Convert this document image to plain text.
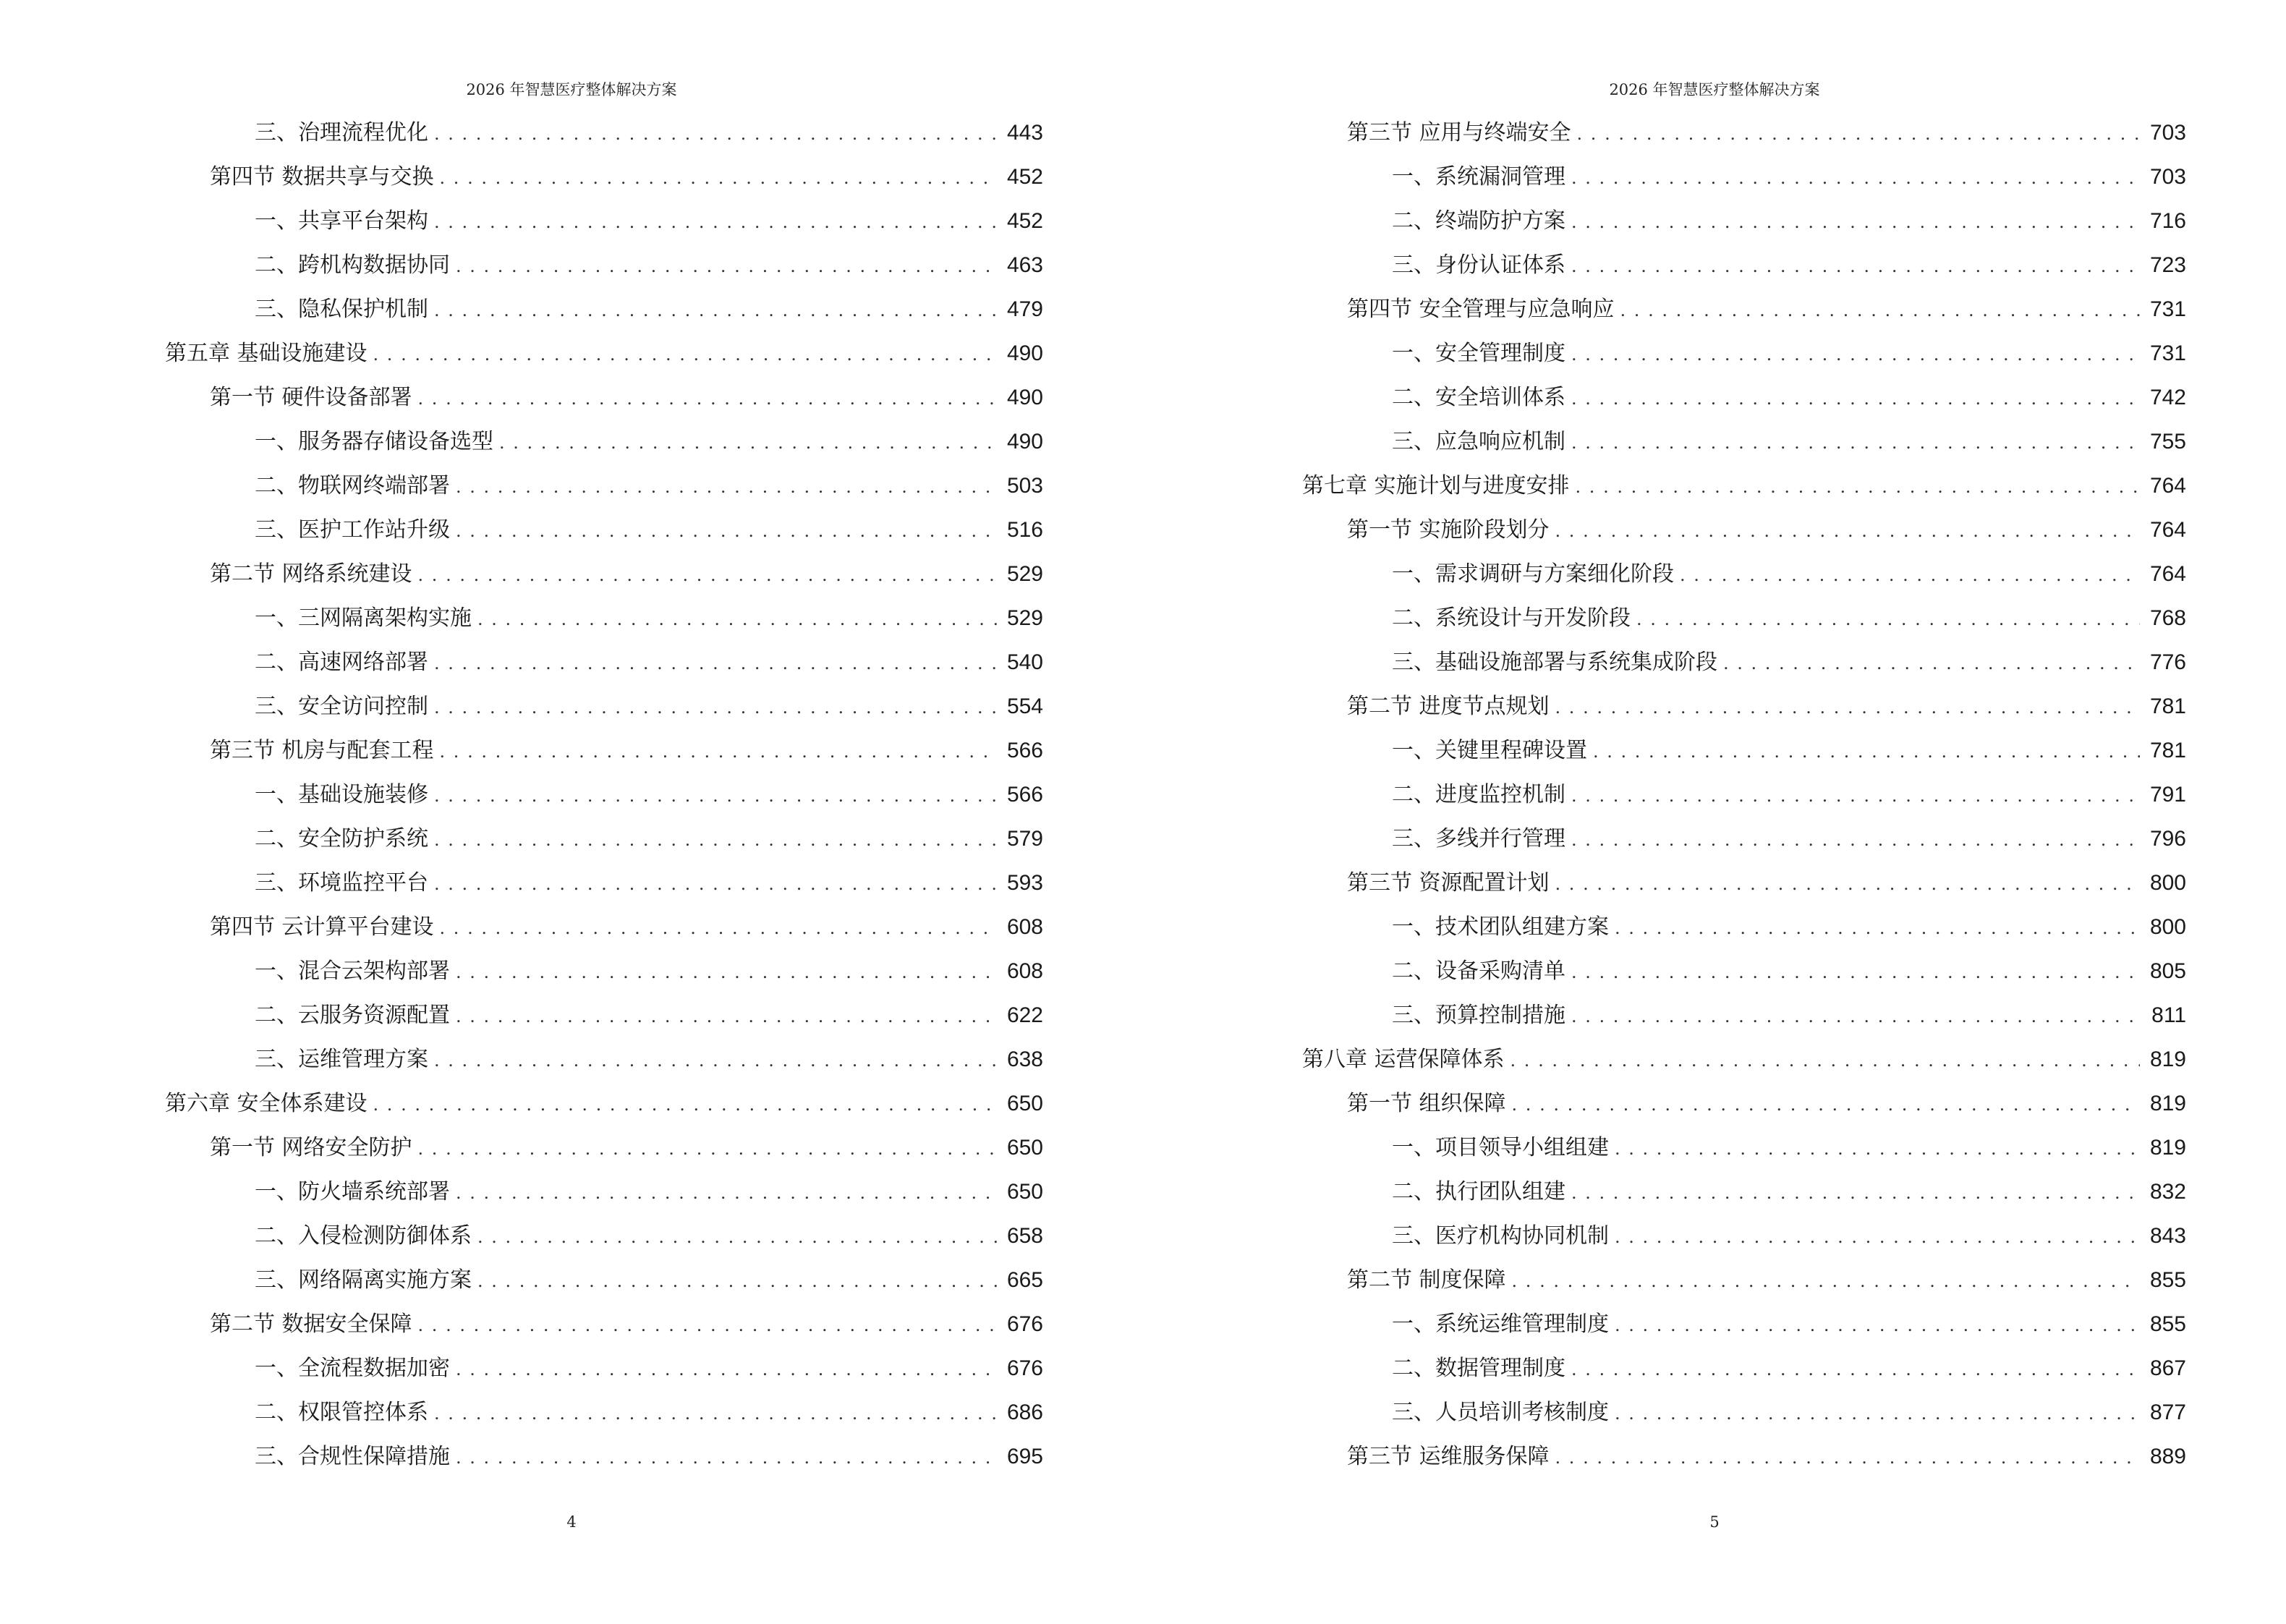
2026 年智慧医疗整体解决方案
三、治理流程优化 . . .	443
第四节 数据共享与交换 . . .	452
一、共享平台架构 . . .	452
二、跨机构数据协同 . . .	463
三、隐私保护机制 . . .	479
第五章 基础设施建设 . . .	490
第一节 硬件设备部署 . . .	490
一、服务器存储设备选型 . . .	490
二、物联网终端部署 . . .	503
三、医护工作站升级 . . .	516
第二节 网络系统建设 . . .	529
一、三网隔离架构实施 . . .	529
二、高速网络部署 . . .	540
三、安全访问控制 . . .	554
第三节 机房与配套工程 . . .	566
一、基础设施装修 . . .	566
二、安全防护系统 . . .	579
三、环境监控平台 . . .	593
第四节 云计算平台建设 . . .	608
一、混合云架构部署 . . .	608
二、云服务资源配置 . . .	622
三、运维管理方案 . . .	638
第六章 安全体系建设 . . .	650
第一节 网络安全防护 . . .	650
一、防火墙系统部署 . . .	650
二、入侵检测防御体系 . . .	658
三、网络隔离实施方案 . . .	665
第二节 数据安全保障 . . .	676
一、全流程数据加密 . . .	676
二、权限管控体系 . . .	686
三、合规性保障措施 . . .	695
4
2026 年智慧医疗整体解决方案
第三节 应用与终端安全 . . .	703
一、系统漏洞管理 . . .	703
二、终端防护方案 . . .	716
三、身份认证体系 . . .	723
第四节 安全管理与应急响应 . . .	731
一、安全管理制度 . . .	731
二、安全培训体系 . . .	742
三、应急响应机制 . . .	755
第七章 实施计划与进度安排 . . .	764
第一节 实施阶段划分 . . .	764
一、需求调研与方案细化阶段 . . .	764
二、系统设计与开发阶段 . . .	768
三、基础设施部署与系统集成阶段 . . .	776
第二节 进度节点规划 . . .	781
一、关键里程碑设置 . . .	781
二、进度监控机制 . . .	791
三、多线并行管理 . . .	796
第三节 资源配置计划 . . .	800
一、技术团队组建方案 . . .	800
二、设备采购清单 . . .	805
三、预算控制措施 . . .	811
第八章 运营保障体系 . . .	819
第一节 组织保障 . . .	819
一、项目领导小组组建 . . .	819
二、执行团队组建 . . .	832
三、医疗机构协同机制 . . .	843
第二节 制度保障 . . .	855
一、系统运维管理制度 . . .	855
二、数据管理制度 . . .	867
三、人员培训考核制度 . . .	877
第三节 运维服务保障 . . .	889
5
